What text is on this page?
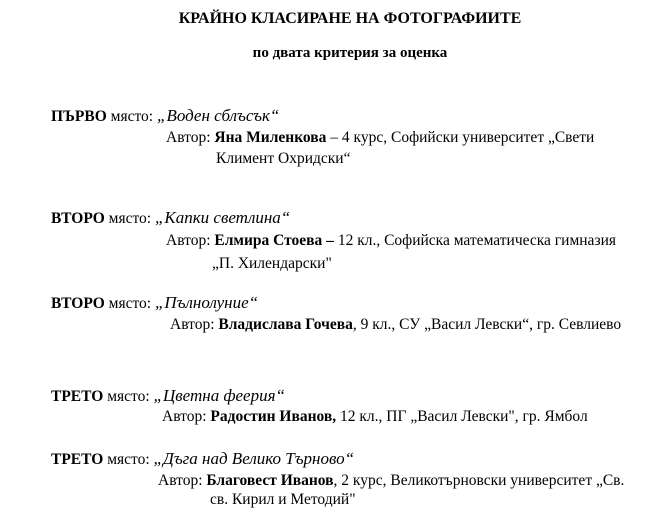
КРАЙНО КЛАСИРАНЕ НА ФОТОГРАФИИТЕ
по двата критерия за оценка
ПЪРВО място: „Воден сблъсък“
Автор: Яна Миленкова – 4 курс, Софийски университет „Свети
Климент Охридски“
ВТОРО място: „Капки светлина“
Автор: Елмира Стоева – 12 кл., Софийска математическа гимназия
„П. Хилендарски"
ВТОРО място: „Пълнолуние“
Автор: Владислава Гочева, 9 кл., СУ „Васил Левски“, гр. Севлиево
ТРЕТО място: „Цветна феерия“
Автор: Радостин Иванов, 12 кл., ПГ „Васил Левски", гр. Ямбол
ТРЕТО място: „Дъга над Велико Търново“
Автор: Благовест Иванов, 2 курс, Великотърновски университет „Св.
св. Кирил и Методий"
